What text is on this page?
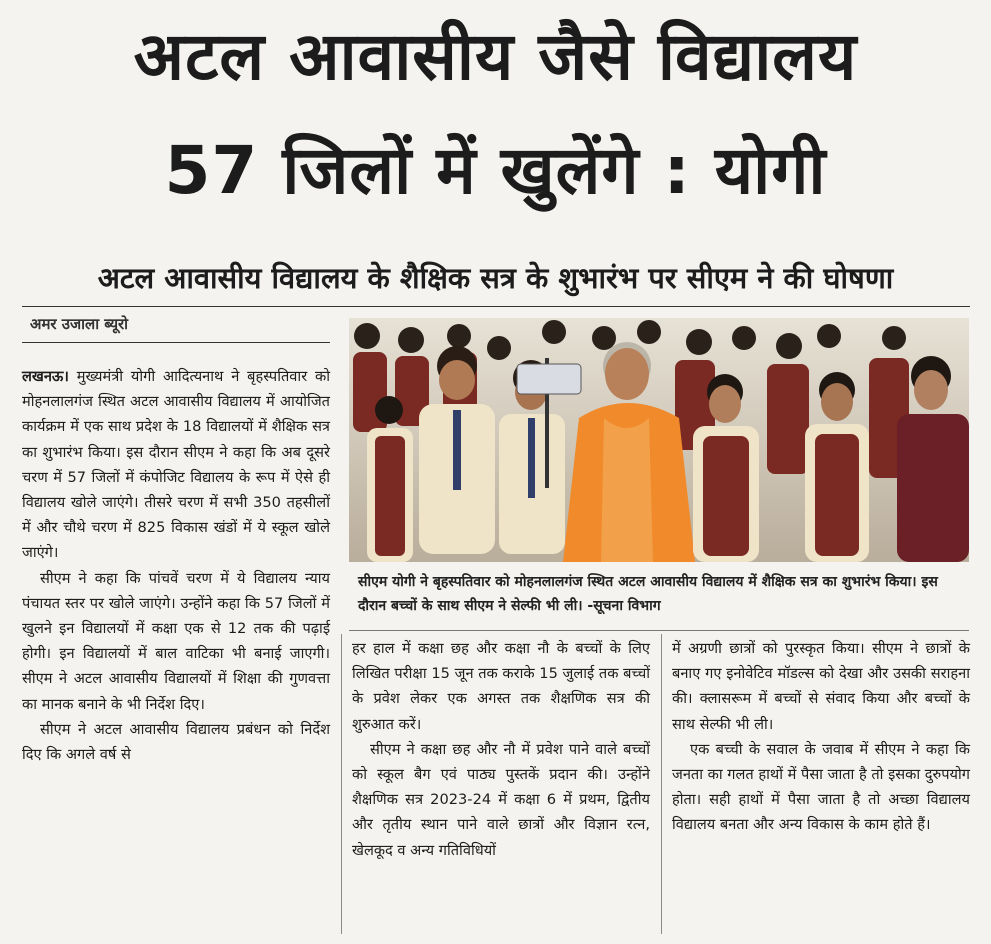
अटल आवासीय जैसे विद्यालय
57 जिलों में खुलेंगे : योगी
अटल आवासीय विद्यालय के शैक्षिक सत्र के शुभारंभ पर सीएम ने की घोषणा
अमर उजाला ब्यूरो

लखनऊ। मुख्यमंत्री योगी आदित्यनाथ ने बृहस्पतिवार को मोहनलालगंज स्थित अटल आवासीय विद्यालय में आयोजित कार्यक्रम में एक साथ प्रदेश के 18 विद्यालयों में शैक्षिक सत्र का शुभारंभ किया। इस दौरान सीएम ने कहा कि अब दूसरे चरण में 57 जिलों में कंपोजिट विद्यालय के रूप में ऐसे ही विद्यालय खोले जाएंगे। तीसरे चरण में सभी 350 तहसीलों में और चौथे चरण में 825 विकास खंडों में ये स्कूल खोले जाएंगे।

सीएम ने कहा कि पांचवें चरण में ये विद्यालय न्याय पंचायत स्तर पर खोले जाएंगे। उन्होंने कहा कि 57 जिलों में खुलने इन विद्यालयों में कक्षा एक से 12 तक की पढ़ाई होगी। इन विद्यालयों में बाल वाटिका भी बनाई जाएगी। सीएम ने अटल आवासीय विद्यालयों में शिक्षा की गुणवत्ता का मानक बनाने के भी निर्देश दिए।

सीएम ने अटल आवासीय विद्यालय प्रबंधन को निर्देश दिए कि अगले वर्ष से

सीएम योगी ने बृहस्पतिवार को मोहनलालगंज स्थित अटल आवासीय विद्यालय में शैक्षिक सत्र का शुभारंभ किया। इस दौरान बच्चों के साथ सीएम ने सेल्फी भी ली। -सूचना विभाग

हर हाल में कक्षा छह और कक्षा नौ के बच्चों के लिए लिखित परीक्षा 15 जून तक कराके 15 जुलाई तक बच्चों के प्रवेश लेकर एक अगस्त तक शैक्षणिक सत्र की शुरुआत करें।

सीएम ने कक्षा छह और नौ में प्रवेश पाने वाले बच्चों को स्कूल बैग एवं पाठ्य पुस्तकें प्रदान की। उन्होंने शैक्षणिक सत्र 2023-24 में कक्षा 6 में प्रथम, द्वितीय और तृतीय स्थान पाने वाले छात्रों और विज्ञान रत्न, खेलकूद व अन्य गतिविधियों

में अग्रणी छात्रों को पुरस्कृत किया। सीएम ने छात्रों के बनाए गए इनोवेटिव मॉडल्स को देखा और उसकी सराहना की। क्लासरूम में बच्चों से संवाद किया और बच्चों के साथ सेल्फी भी ली।

एक बच्ची के सवाल के जवाब में सीएम ने कहा कि जनता का गलत हाथों में पैसा जाता है तो इसका दुरुपयोग होता। सही हाथों में पैसा जाता है तो अच्छा विद्यालय विद्यालय बनता और अन्य विकास के काम होते हैं।
